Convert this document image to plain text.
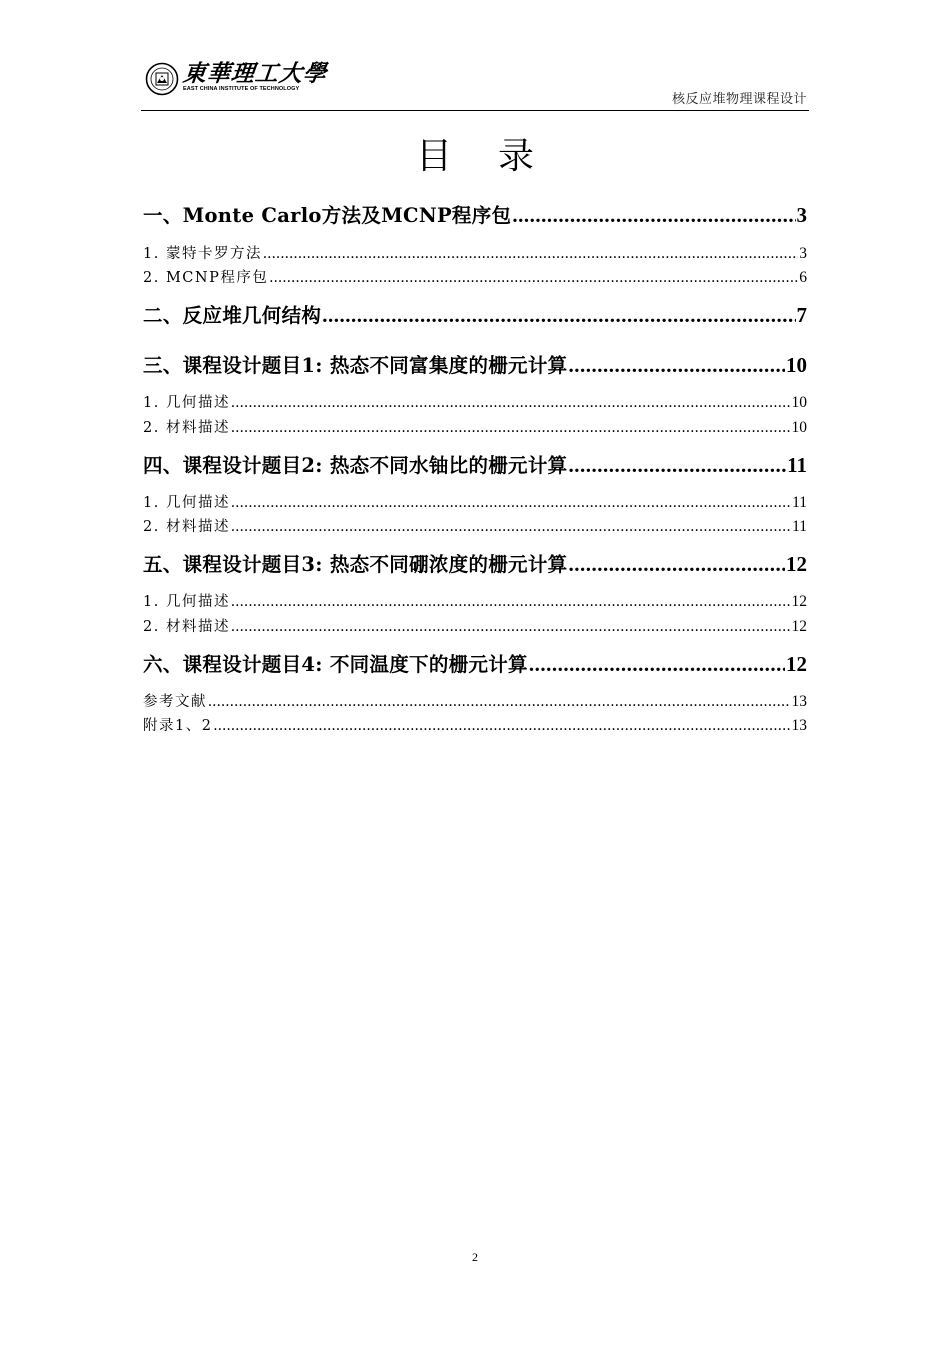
東華理工大學
EAST CHINA INSTITUTE OF TECHNOLOGY
核反应堆物理课程设计
目录
一、Monte Carlo方法及MCNP程序包 .....	3
1. 蒙特卡罗方法 .....	3
2. MCNP程序包 .....	6
二、反应堆几何结构 .....	7
三、课程设计题目1: 热态不同富集度的栅元计算 .....	10
1. 几何描述 .....	10
2. 材料描述 .....	10
四、课程设计题目2: 热态不同水铀比的栅元计算 .....	11
1. 几何描述 .....	11
2. 材料描述 .....	11
五、课程设计题目3: 热态不同硼浓度的栅元计算 .....	12
1. 几何描述 .....	12
2. 材料描述 .....	12
六、课程设计题目4: 不同温度下的栅元计算 .....	12
参考文献 .....	13
附录1、2 .....	13
2
